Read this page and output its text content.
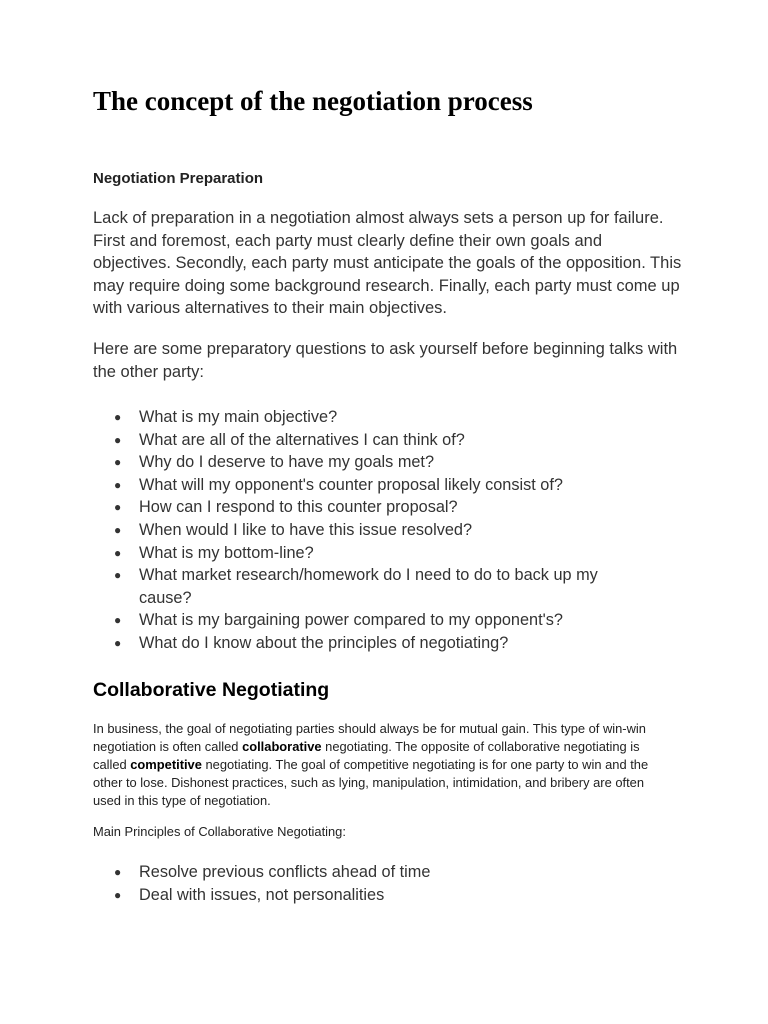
The concept of the negotiation process

Negotiation Preparation

Lack of preparation in a negotiation almost always sets a person up for failure. First and foremost, each party must clearly define their own goals and objectives. Secondly, each party must anticipate the goals of the opposition. This may require doing some background research. Finally, each party must come up with various alternatives to their main objectives.

Here are some preparatory questions to ask yourself before beginning talks with the other party:

● What is my main objective?
● What are all of the alternatives I can think of?
● Why do I deserve to have my goals met?
● What will my opponent's counter proposal likely consist of?
● How can I respond to this counter proposal?
● When would I like to have this issue resolved?
● What is my bottom-line?
● What market research/homework do I need to do to back up my cause?
● What is my bargaining power compared to my opponent's?
● What do I know about the principles of negotiating?
Collaborative Negotiating

In business, the goal of negotiating parties should always be for mutual gain. This type of win-win negotiation is often called collaborative negotiating. The opposite of collaborative negotiating is called competitive negotiating. The goal of competitive negotiating is for one party to win and the other to lose. Dishonest practices, such as lying, manipulation, intimidation, and bribery are often used in this type of negotiation.

Main Principles of Collaborative Negotiating:

● Resolve previous conflicts ahead of time
● Deal with issues, not personalities
